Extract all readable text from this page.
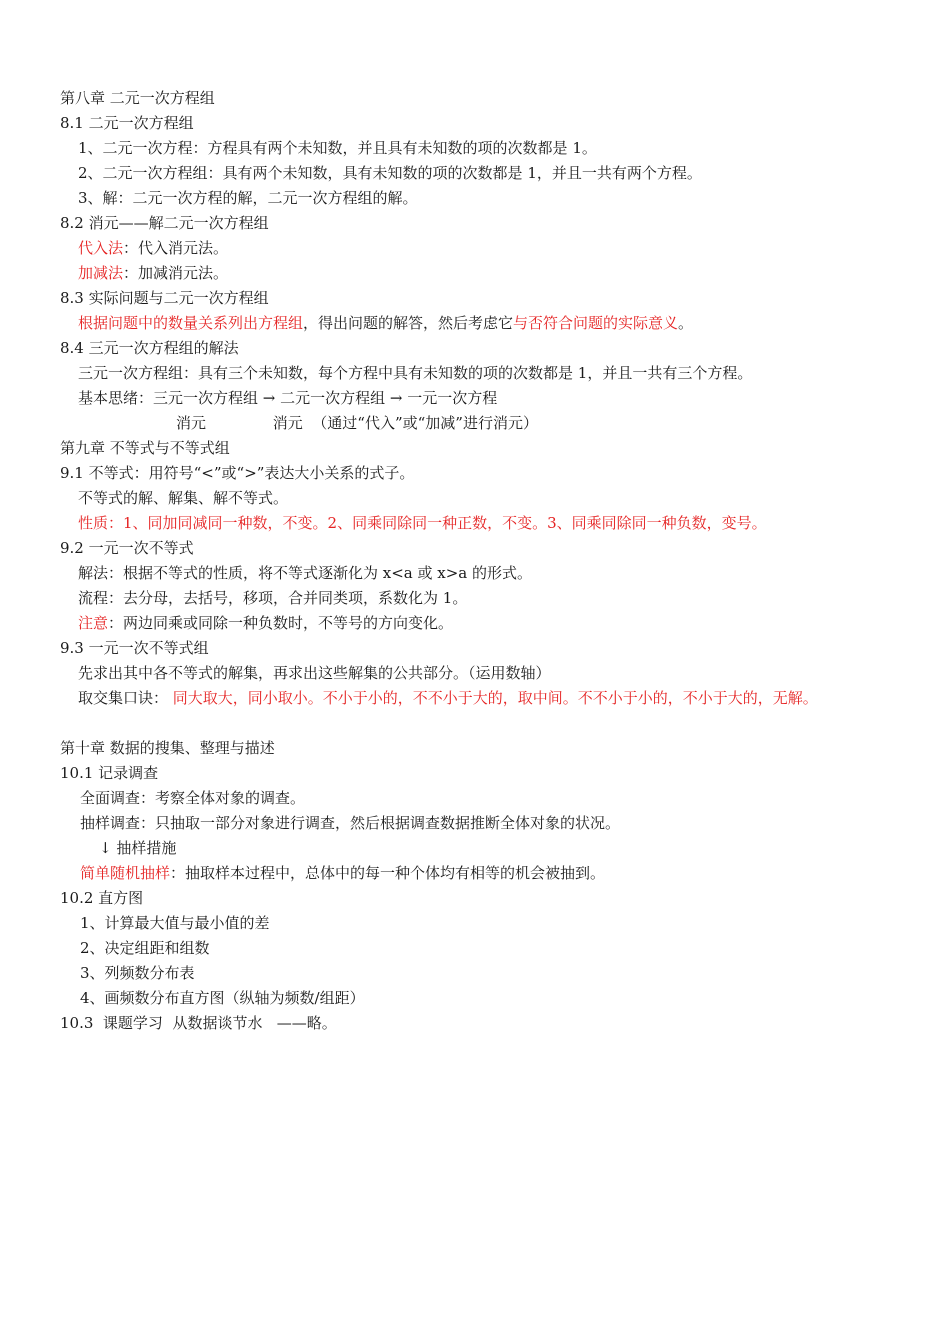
第八章 二元一次方程组
8.1 二元一次方程组
1、二元一次方程：方程具有两个未知数，并且具有未知数的项的次数都是 1。
2、二元一次方程组：具有两个未知数，具有未知数的项的次数都是 1，并且一共有两个方程。
3、解：二元一次方程的解，二元一次方程组的解。
8.2 消元——解二元一次方程组
代入法：代入消元法。
加减法：加减消元法。
8.3 实际问题与二元一次方程组
根据问题中的数量关系列出方程组，得出问题的解答，然后考虑它与否符合问题的实际意义。
8.4 三元一次方程组的解法
三元一次方程组：具有三个未知数，每个方程中具有未知数的项的次数都是 1，并且一共有三个方程。
基本思绪：三元一次方程组 → 二元一次方程组 → 一元一次方程
消元              消元  （通过“代入”或“加减”进行消元）
第九章 不等式与不等式组
9.1 不等式：用符号“<”或“>”表达大小关系的式子。
不等式的解、解集、解不等式。
性质：1、同加同减同一种数，不变。2、同乘同除同一种正数，不变。3、同乘同除同一种负数，变号。
9.2 一元一次不等式
解法：根据不等式的性质，将不等式逐渐化为 x<a 或 x>a 的形式。
流程：去分母，去括号，移项，合并同类项，系数化为 1。
注意：两边同乘或同除一种负数时，不等号的方向变化。
9.3 一元一次不等式组
先求出其中各不等式的解集，再求出这些解集的公共部分。（运用数轴）
取交集口诀： 同大取大，同小取小。不小于小的，不不小于大的，取中间。不不小于小的，不小于大的，无解。
第十章 数据的搜集、整理与描述
10.1 记录调查
全面调查：考察全体对象的调查。
抽样调查：只抽取一部分对象进行调查，然后根据调查数据推断全体对象的状况。
↓ 抽样措施
简单随机抽样：抽取样本过程中，总体中的每一种个体均有相等的机会被抽到。
10.2 直方图
1、计算最大值与最小值的差
2、决定组距和组数
3、列频数分布表
4、画频数分布直方图（纵轴为频数/组距）
10.3  课题学习  从数据谈节水   ——略。
